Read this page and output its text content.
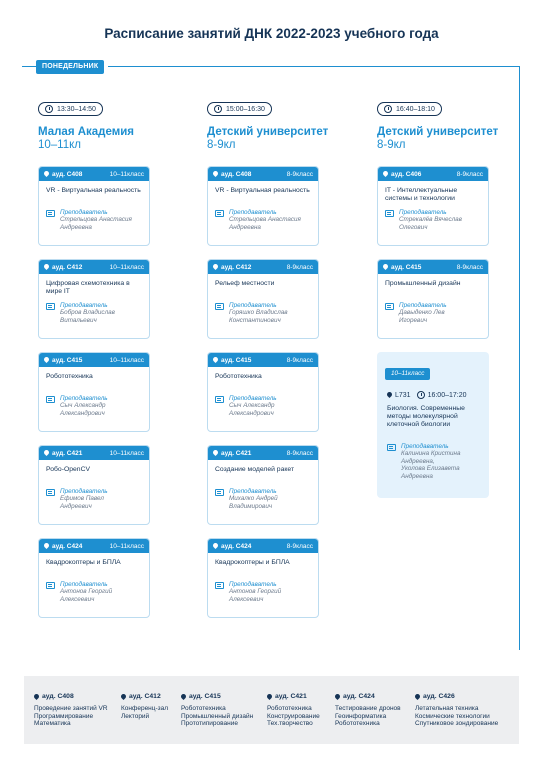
Расписание занятий ДНК 2022-2023 учебного года
ПОНЕДЕЛЬНИК
13:30–14:50
Малая Академия
10–11кл
15:00–16:30
Детский университет
8-9кл
16:40–18:10
Детский университет
8-9кл
ауд. С408	10–11класс
VR - Виртуальная реальность
Преподаватель
Стрельцова Анастасия
Андреевна
ауд. С412	10–11класс
Цифровая схемотехника в мире IT
Преподаватель
Бобров Владислав
Витальевич
ауд. С415	10–11класс
Робототехника
Преподаватель
Сыч Александр
Александрович
ауд. С421	10–11класс
Робо-OpenCV
Преподаватель
Ефимов Павел
Андреевич
ауд. С424	10–11класс
Квадрокоптеры и БПЛА
Преподаватель
Антонов Георгий
Алексеевич
ауд. С408	8-9класс
VR - Виртуальная реальность
Преподаватель
Стрельцова Анастасия
Андреевна
ауд. С412	8-9класс
Рельеф местности
Преподаватель
Горяшко Владислав
Константинович
ауд. С415	8-9класс
Робототехника
Преподаватель
Сыч Александр
Александрович
ауд. С421	8-9класс
Создание моделей ракет
Преподаватель
Михалко Андрей
Владимирович
ауд. С424	8-9класс
Квадрокоптеры и БПЛА
Преподаватель
Антонов Георгий
Алексеевич
ауд. С406	8-9класс
IT - Интеллектуальные системы и технологии
Преподаватель
Стрекалёв Вячеслав
Олегович
ауд. С415	8-9класс
Промышленный дизайн
Преподаватель
Давыденко Лев
Игоревич
10–11класс
L731 16:00–17:20
Биология. Современные методы молекулярной клеточной биологии
Преподаватель
Калинина Кристина
Андреевна,
Уколова Елизавета
Андреевна
ауд. С408
Проведение занятий VR
Программирование
Математика
ауд. С412
Конференц-зал
Лекторий
ауд. С415
Робототехника
Промышленный дизайн
Прототипирование
ауд. С421
Робототехника
Конструирование
Тех.творчество
ауд. С424
Тестирование дронов
Геоинформатика
Робототехника
ауд. С426
Летательная техника
Космические технологии
Спутниковое зондирование
